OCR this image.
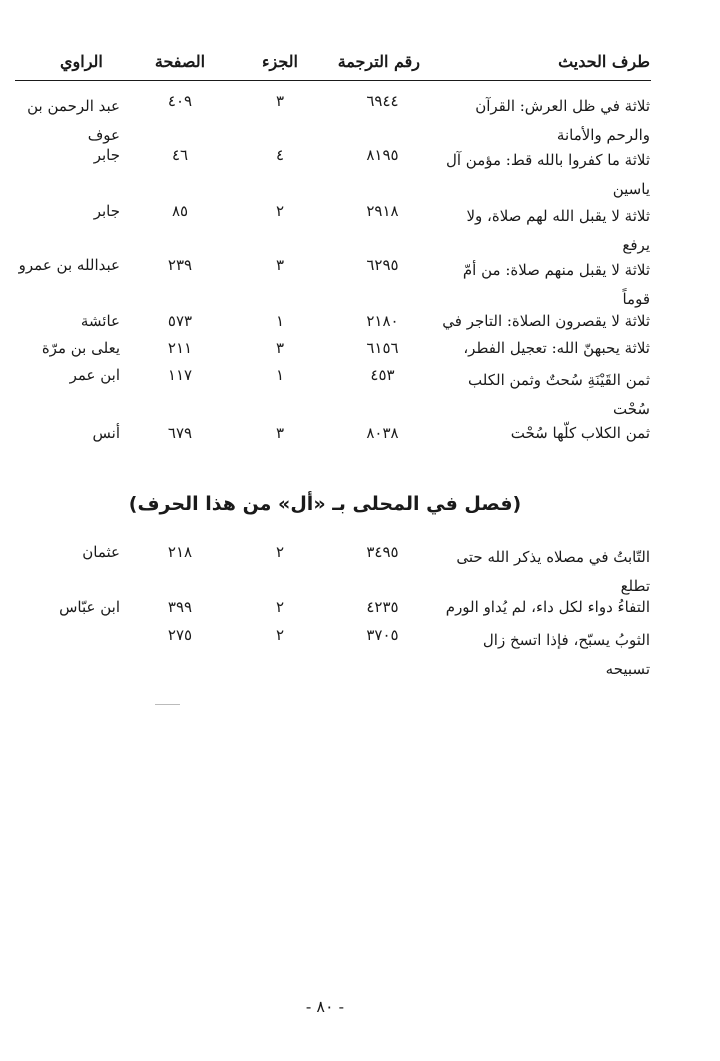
طرف الحديث
رقم الترجمة
الجزء
الصفحة
الراوي
ثلاثة في ظل العرش: القرآن والرحم والأمانة
٦٩٤٤
٣
٤٠٩
عبد الرحمن بن عوف
ثلاثة ما كفروا بالله قط: مؤمن آل ياسين
٨١٩٥
٤
٤٦
جابر
ثلاثة لا يقبل الله لهم صلاة، ولا يرفع
٢٩١٨
٢
٨٥
جابر
ثلاثة لا يقبل منهم صلاة: من أمّ قوماً
٦٢٩٥
٣
٢٣٩
عبدالله بن عمرو
ثلاثة لا يقصرون الصلاة: التاجر في
٢١٨٠
١
٥٧٣
عائشة
ثلاثة يحبهنّ الله: تعجيل الفطر،
٦١٥٦
٣
٢١١
يعلى بن مرّة
ثمن القَيْنَةِ سُحتٌ وثمن الكلب سُحْت
٤٥٣
١
١١٧
ابن عمر
ثمن الكلاب كلّها سُحْت
٨٠٣٨
٣
٦٧٩
أنس
(فصل في المحلى بـ «أل» من هذا الحرف)
التّابتُ في مصلاه يذكر الله حتى تطلع
٣٤٩٥
٢
٢١٨
عثمان
التفاءُ دواء لكل داء، لم يُداو الورم
٤٢٣٥
٢
٣٩٩
ابن عبّاس
الثوبُ يسبّح، فإذا اتسخ زال تسبيحه
٣٧٠٥
٢
٢٧٥
- ٨٠ -
